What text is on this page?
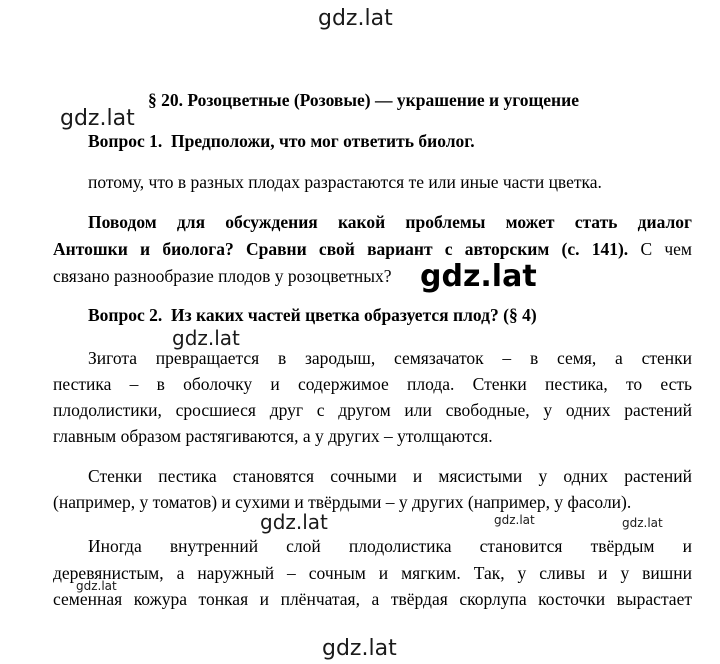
gdz.lat
gdz.lat
§ 20. Розоцветные (Розовые) — украшение и угощение
Вопрос 1. Предположи, что мог ответить биолог.
потому, что в разных плодах разрастаются те или иные части цветка.
Поводом для обсуждения какой проблемы может стать диалог
Антошки и биолога? Сравни свой вариант с авторским (с. 141). С чем
связано разнообразие плодов у розоцветных? gdz.lat
Вопрос 2. Из каких частей цветка образуется плод? (§ 4)
gdz.lat
Зигота превращается в зародыш, семязачаток – в семя, а стенки
пестика – в оболочку и содержимое плода. Стенки пестика, то есть
плодолистики, сросшиеся друг с другом или свободные, у одних растений
главным образом растягиваются, а у других – утолщаются.
Стенки пестика становятся сочными и мясистыми у одних растений
(например, у томатов) и сухими и твёрдыми – у других (например, у фасоли).
gdz.lat	gdz.lat	gdz.lat
Иногда внутренний слой плодолистика становится твёрдым и
деревянистым, а наружный – сочным и мягким. Так, у сливы и у вишни
семенная кожура тонкая и плёнчатая, а твёрдая скорлупа косточки вырастает
gdz.lat
gdz.lat
